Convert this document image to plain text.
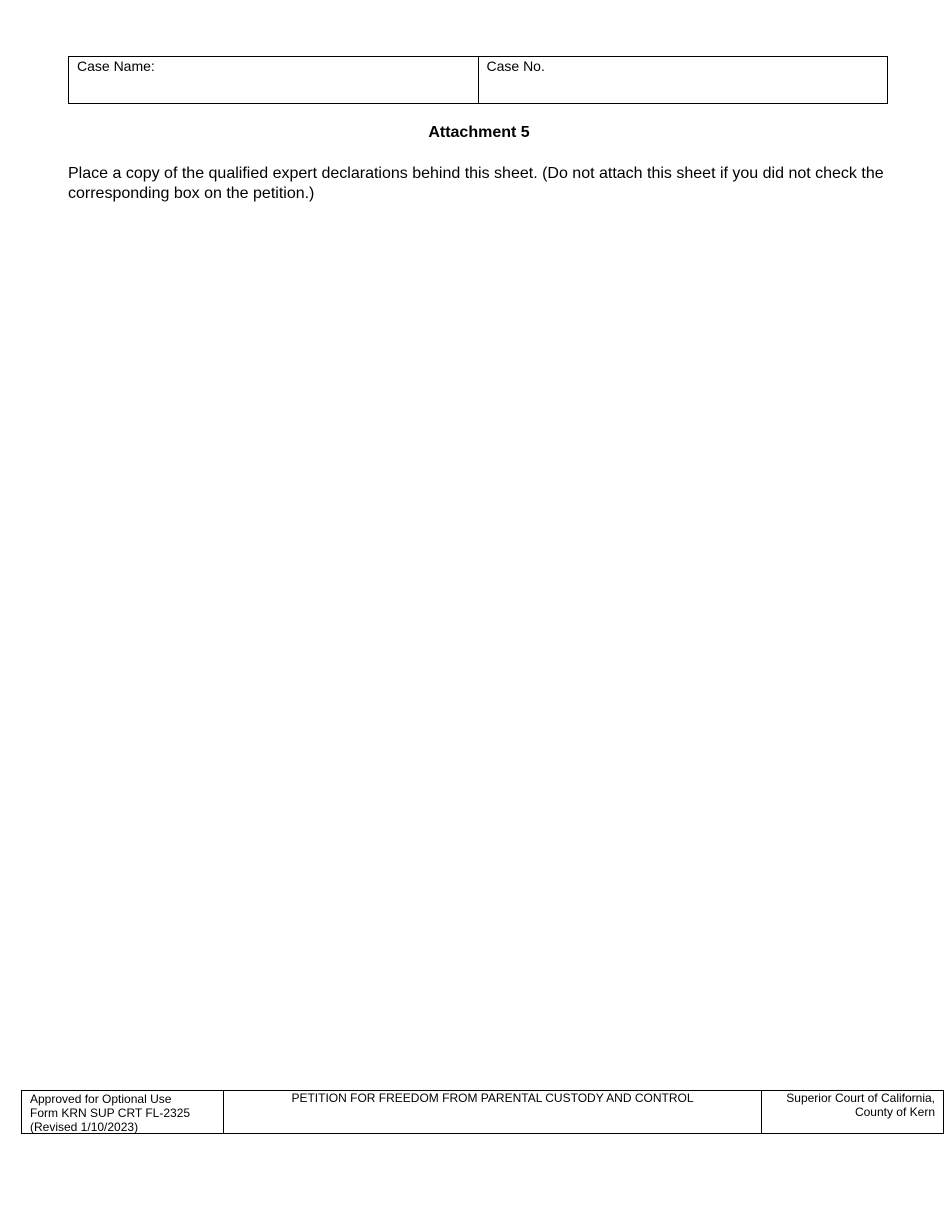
Case Name:	Case No.
Attachment 5
Place a copy of the qualified expert declarations behind this sheet. (Do not attach this sheet if you did not check the corresponding box on the petition.)
Approved for Optional Use
Form KRN SUP CRT FL-2325
(Revised 1/10/2023)
PETITION FOR FREEDOM FROM PARENTAL CUSTODY AND CONTROL	Superior Court of California,
County of Kern
